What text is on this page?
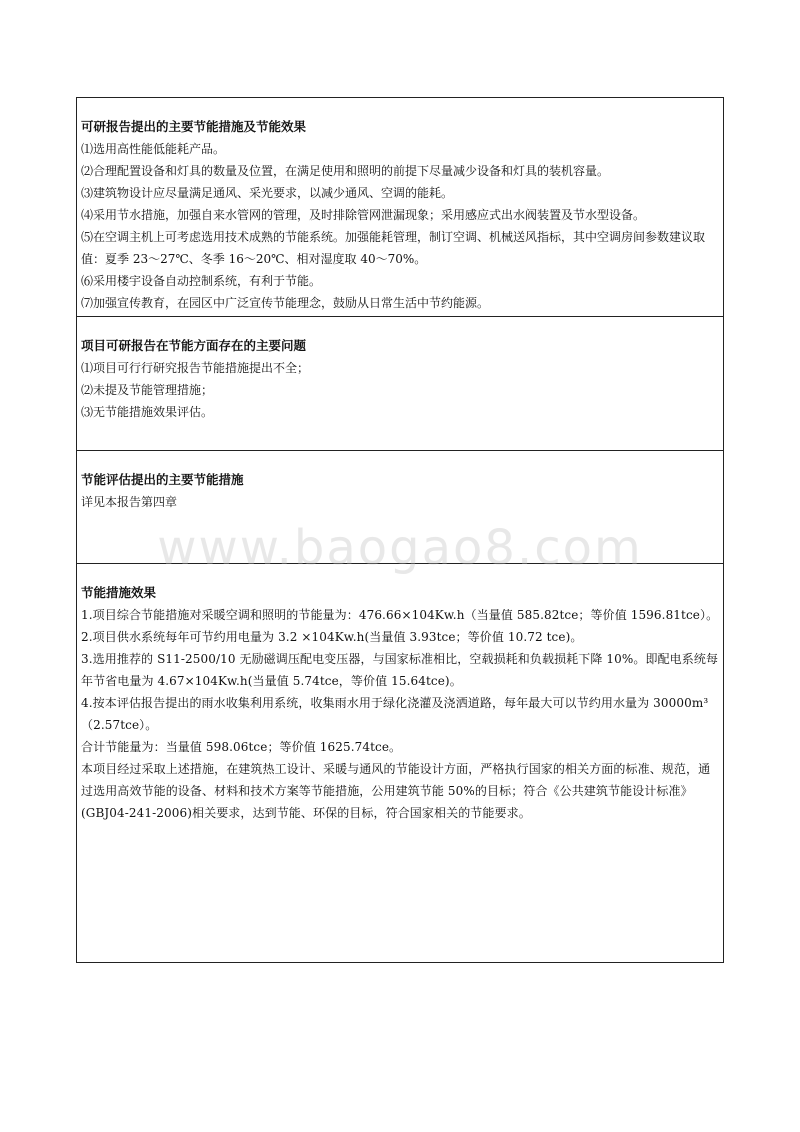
可研报告提出的主要节能措施及节能效果

⑴选用高性能低能耗产品。

⑵合理配置设备和灯具的数量及位置，在满足使用和照明的前提下尽量减少设备和灯具的装机容量。

⑶建筑物设计应尽量满足通风、采光要求，以减少通风、空调的能耗。

⑷采用节水措施，加强自来水管网的管理，及时排除管网泄漏现象；采用感应式出水阀装置及节水型设备。

⑸在空调主机上可考虑选用技术成熟的节能系统。加强能耗管理，制订空调、机械送风指标，其中空调房间参数建议取值：夏季 23～27℃、冬季 16～20℃、相对湿度取 40～70%。

⑹采用楼宇设备自动控制系统，有利于节能。

⑺加强宣传教育，在园区中广泛宣传节能理念，鼓励从日常生活中节约能源。

项目可研报告在节能方面存在的主要问题

⑴项目可行行研究报告节能措施提出不全；

⑵未提及节能管理措施；

⑶无节能措施效果评估。

节能评估提出的主要节能措施

详见本报告第四章

节能措施效果

1.项目综合节能措施对采暖空调和照明的节能量为：476.66×104Kw.h（当量值 585.82tce；等价值 1596.81tce）。

2.项目供水系统每年可节约用电量为 3.2 ×104Kw.h(当量值 3.93tce；等价值 10.72 tce)。

3.选用推荐的 S11-2500/10 无励磁调压配电变压器，与国家标准相比，空载损耗和负载损耗下降 10%。即配电系统每年节省电量为 4.67×104Kw.h(当量值 5.74tce，等价值 15.64tce)。

4.按本评估报告提出的雨水收集利用系统，收集雨水用于绿化浇灌及浇洒道路，每年最大可以节约用水量为 30000m³（2.57tce）。

合计节能量为：当量值 598.06tce；等价值 1625.74tce。

本项目经过采取上述措施，在建筑热工设计、采暖与通风的节能设计方面，严格执行国家的相关方面的标准、规范，通过选用高效节能的设备、材料和技术方案等节能措施，公用建筑节能 50%的目标；符合《公共建筑节能设计标准》(GBJ04-241-2006)相关要求，达到节能、环保的目标，符合国家相关的节能要求。

www.baogao8.com
